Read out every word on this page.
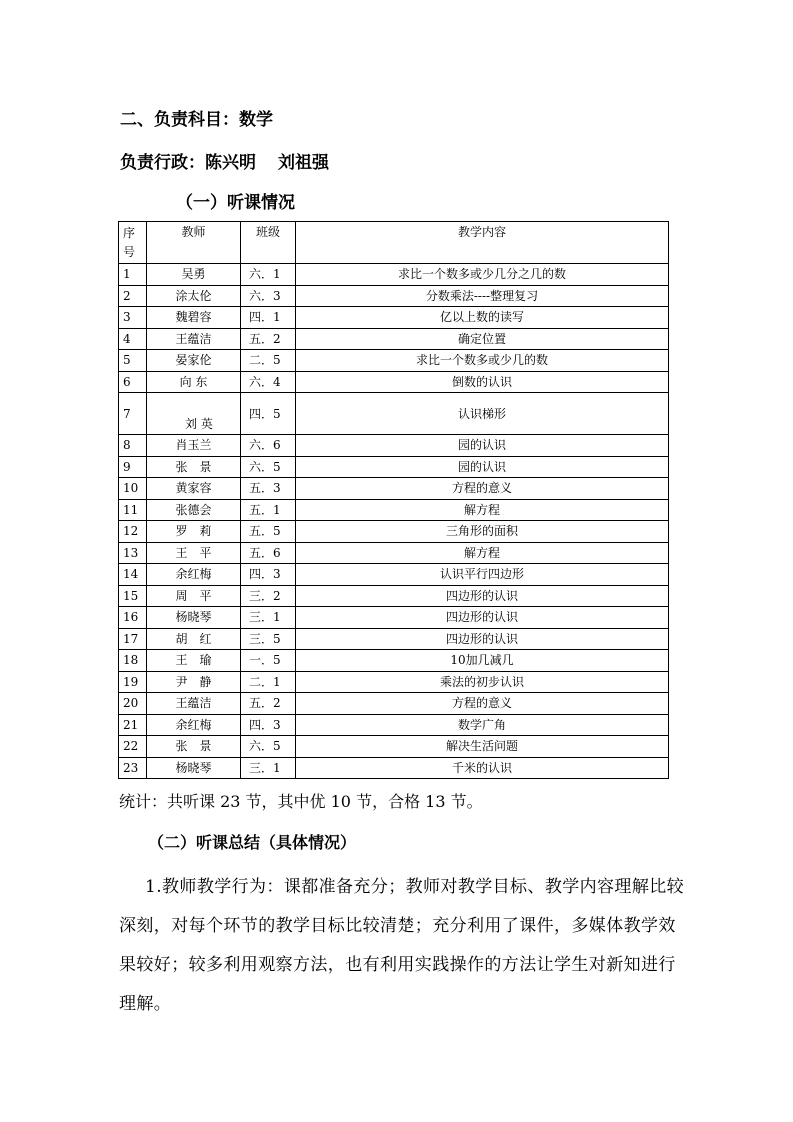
二、负责科目：数学
负责行政：陈兴明 刘祖强
（一）听课情况
序号	教师	班级	教学内容
1	吴勇	六．1	求比一个数多或少几分之几的数
2	涂太伦	六．3	分数乘法----整理复习
3	魏碧容	四．1	亿以上数的读写
4	王蕴洁	五．2	确定位置
5	晏家伦	二．5	求比一个数多或少几的数
6	向 东	六．4	倒数的认识
7	刘 英	四．5	认识梯形
8	肖玉兰	六．6	园的认识
9	张　景	六．5	园的认识
10	黄家容	五．3	方程的意义
11	张德会	五．1	解方程
12	罗　莉	五．5	三角形的面积
13	王　平	五．6	解方程
14	余红梅	四．3	认识平行四边形
15	周　平	三．2	四边形的认识
16	杨晓琴	三．1	四边形的认识
17	胡　红	三．5	四边形的认识
18	王　瑜	一．5	10加几减几
19	尹　静	二．1	乘法的初步认识
20	王蕴洁	五．2	方程的意义
21	余红梅	四．3	数学广角
22	张　景	六．5	解决生活问题
23	杨晓琴	三．1	千米的认识
统计：共听课 23 节，其中优 10 节，合格 13 节。
（二）听课总结（具体情况）
1.教师教学行为：课都准备充分；教师对教学目标、教学内容理解比较深刻，对每个环节的教学目标比较清楚；充分利用了课件，多媒体教学效果较好；较多利用观察方法，也有利用实践操作的方法让学生对新知进行理解。
